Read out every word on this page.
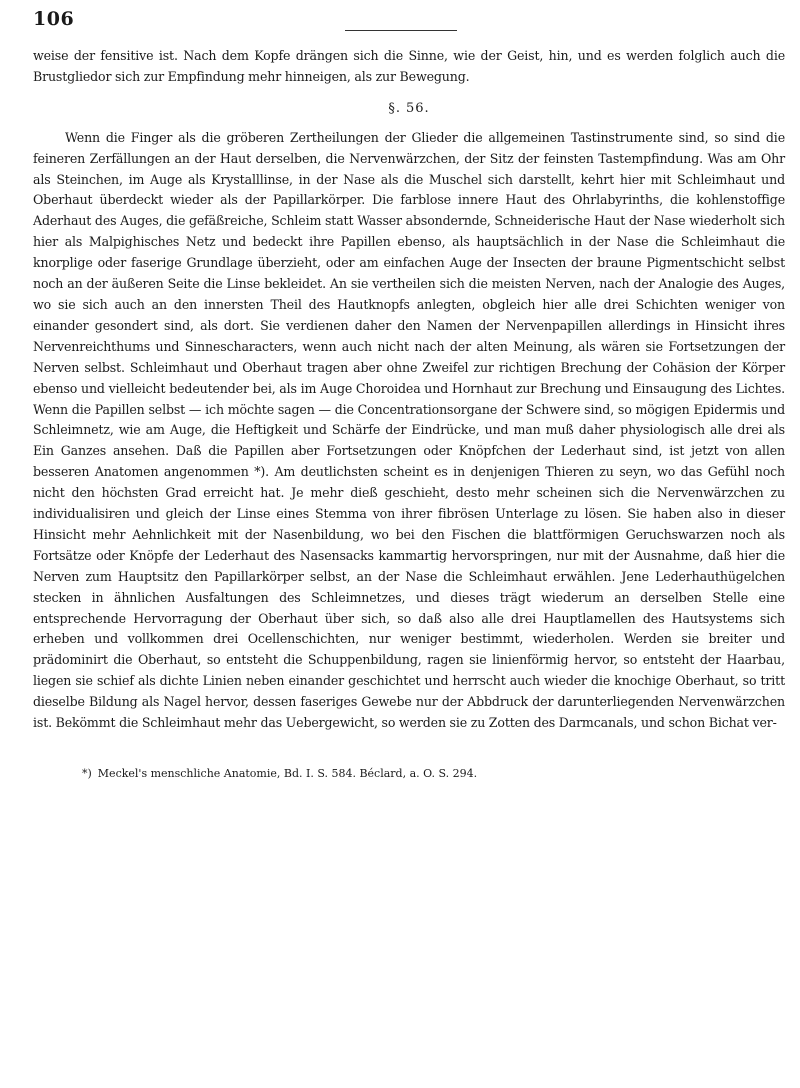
106

weise der fensitive ist. Nach dem Kopfe drängen sich die Sinne, wie der Geist, hin, und es werden folglich auch die Brustgliedor sich zur Empfindung mehr hinneigen, als zur Bewegung.

§. 56.

Wenn die Finger als die gröberen Zertheilungen der Glieder die allgemeinen Tastinstrumente sind, so sind die feineren Zerfällungen an der Haut derselben, die Nervenwärzchen, der Sitz der feinsten Tastempfindung. Was am Ohr als Steinchen, im Auge als Krystalllinse, in der Nase als die Muschel sich darstellt, kehrt hier mit Schleimhaut und Oberhaut überdeckt wieder als der Papillarkörper. Die farblose innere Haut des Ohrlabyrinths, die kohlenstoffige Aderhaut des Auges, die gefäßreiche, Schleim statt Wasser absondernde, Schneiderische Haut der Nase wiederholt sich hier als Malpighisches Netz und bedeckt ihre Papillen ebenso, als hauptsächlich in der Nase die Schleimhaut die knorplige oder faserige Grundlage überzieht, oder am einfachen Auge der Insecten der braune Pigmentschicht selbst noch an der äußeren Seite die Linse bekleidet. An sie vertheilen sich die meisten Nerven, nach der Analogie des Auges, wo sie sich auch an den innersten Theil des Hautknopfs anlegten, obgleich hier alle drei Schichten weniger von einander gesondert sind, als dort. Sie verdienen daher den Namen der Nervenpapillen allerdings in Hinsicht ihres Nervenreichthums und Sinnescharacters, wenn auch nicht nach der alten Meinung, als wären sie Fortsetzungen der Nerven selbst. Schleimhaut und Oberhaut tragen aber ohne Zweifel zur richtigen Brechung der Cohäsion der Körper ebenso und vielleicht bedeutender bei, als im Auge Choroidea und Hornhaut zur Brechung und Einsaugung des Lichtes. Wenn die Papillen selbst — ich möchte sagen — die Concentrationsorgane der Schwere sind, so mögigen Epidermis und Schleimnetz, wie am Auge, die Heftigkeit und Schärfe der Eindrücke, und man muß daher physiologisch alle drei als Ein Ganzes ansehen. Daß die Papillen aber Fortsetzungen oder Knöpfchen der Lederhaut sind, ist jetzt von allen besseren Anatomen angenommen *). Am deutlichsten scheint es in denjenigen Thieren zu seyn, wo das Gefühl noch nicht den höchsten Grad erreicht hat. Je mehr dieß geschieht, desto mehr scheinen sich die Nervenwärzchen zu individualisiren und gleich der Linse eines Stemma von ihrer fibrösen Unterlage zu lösen. Sie haben also in dieser Hinsicht mehr Aehnlichkeit mit der Nasenbildung, wo bei den Fischen die blattförmigen Geruchswarzen noch als Fortsätze oder Knöpfe der Lederhaut des Nasensacks kammartig hervorspringen, nur mit der Ausnahme, daß hier die Nerven zum Hauptsitz den Papillarkörper selbst, an der Nase die Schleimhaut erwählen. Jene Lederhauthügelchen stecken in ähnlichen Ausfaltungen des Schleimnetzes, und dieses trägt wiederum an derselben Stelle eine entsprechende Hervorragung der Oberhaut über sich, so daß also alle drei Hauptlamellen des Hautsystems sich erheben und vollkommen drei Ocellenschichten, nur weniger bestimmt, wiederholen. Werden sie breiter und prädominirt die Oberhaut, so entsteht die Schuppenbildung, ragen sie linienförmig hervor, so entsteht der Haarbau, liegen sie schief als dichte Linien neben einander geschichtet und herrscht auch wieder die knochige Oberhaut, so tritt dieselbe Bildung als Nagel hervor, dessen faseriges Gewebe nur der Abbdruck der darunterliegenden Nervenwärzchen ist. Bekömmt die Schleimhaut mehr das Uebergewicht, so werden sie zu Zotten des Darmcanals, und schon Bichat ver-

*) Meckel's menschliche Anatomie, Bd. I. S. 584. Béclard, a. O. S. 294.
